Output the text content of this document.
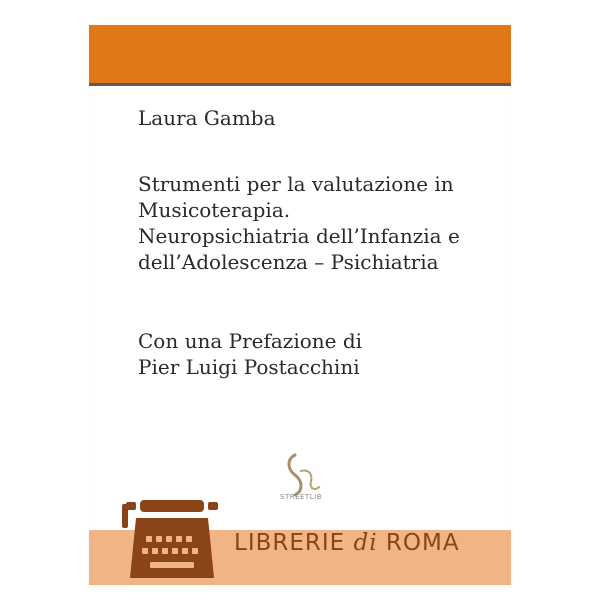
Laura Gamba
Strumenti per la valutazione in
Musicoterapia.
Neuropsichiatria dell’Infanzia e
dell’Adolescenza – Psichiatria
Con una Prefazione di
Pier Luigi Postacchini
STREETLIB
LIBRERIE di ROMA
